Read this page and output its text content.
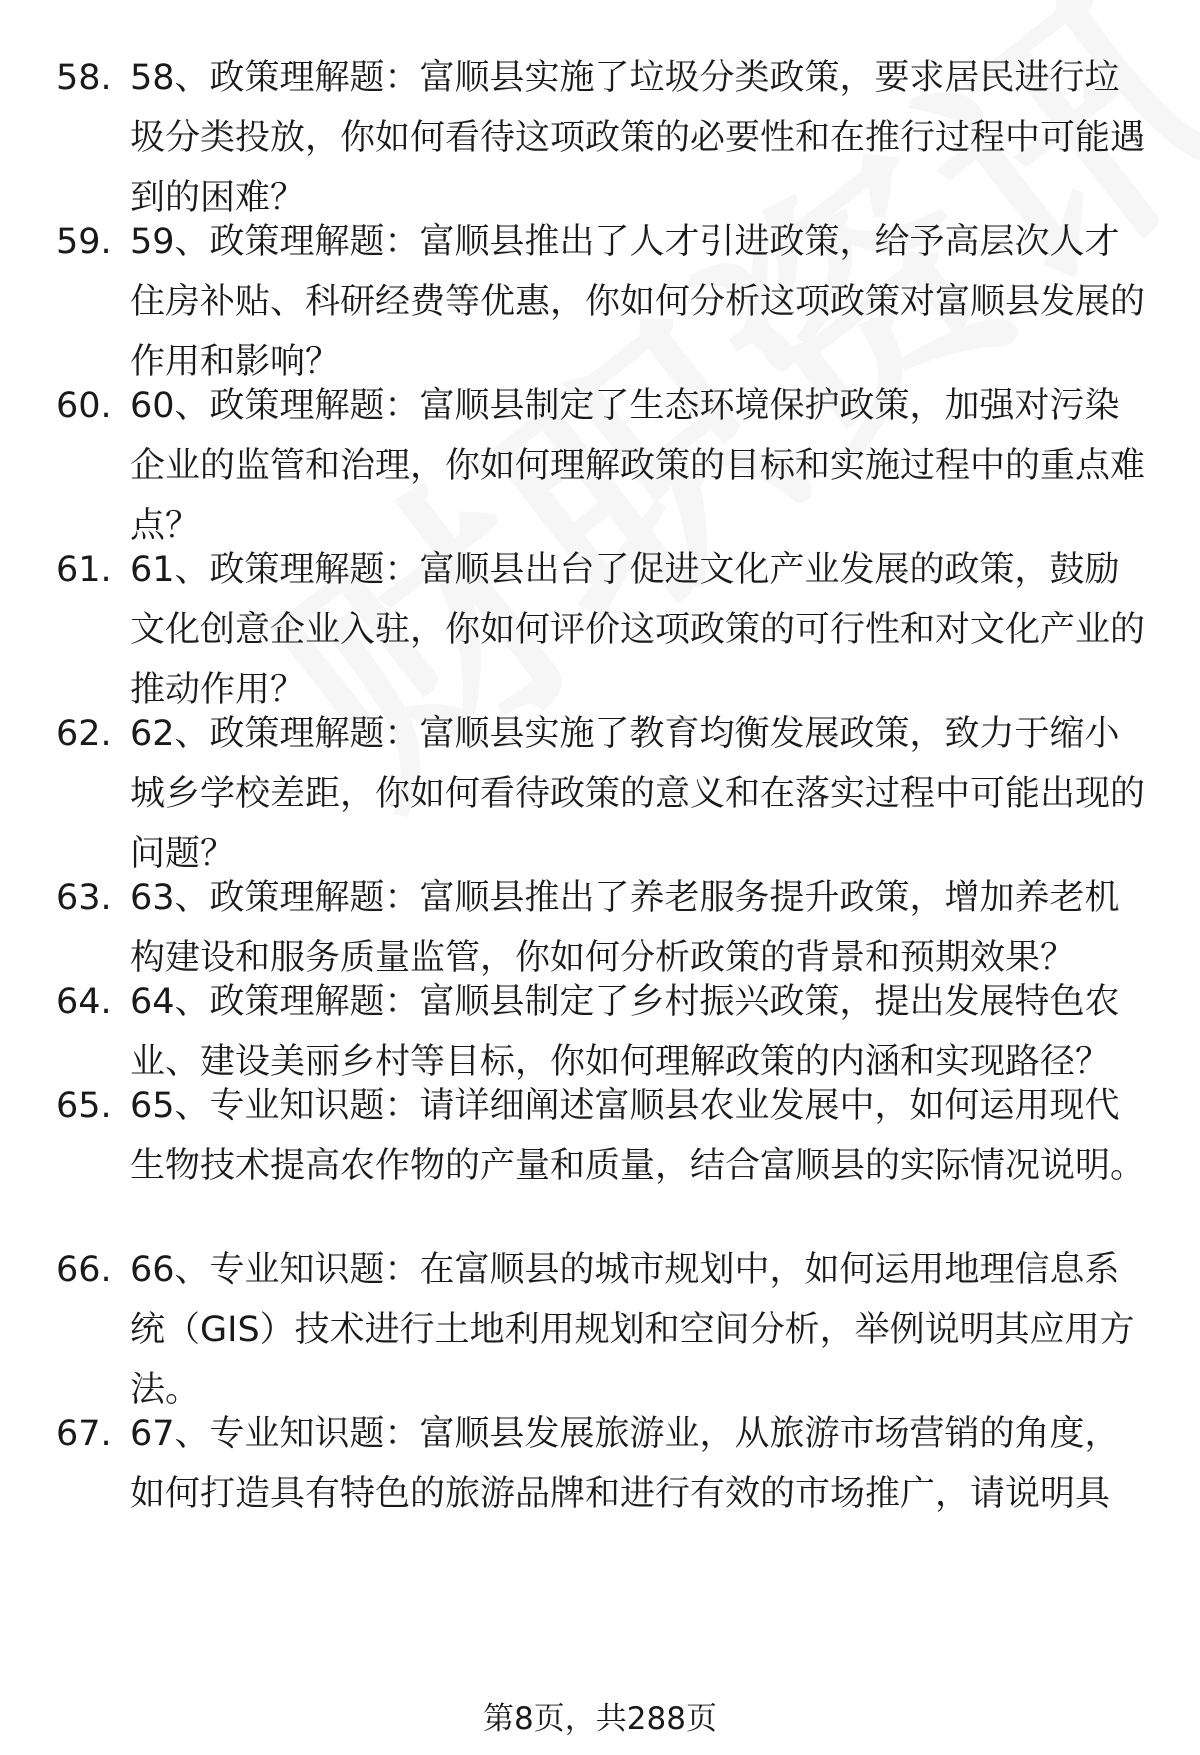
58. 58、政策理解题：富顺县实施了垃圾分类政策，要求居民进行垃圾分类投放，你如何看待这项政策的必要性和在推行过程中可能遇到的困难？
59. 59、政策理解题：富顺县推出了人才引进政策，给予高层次人才住房补贴、科研经费等优惠，你如何分析这项政策对富顺县发展的作用和影响？
60. 60、政策理解题：富顺县制定了生态环境保护政策，加强对污染企业的监管和治理，你如何理解政策的目标和实施过程中的重点难点？
61. 61、政策理解题：富顺县出台了促进文化产业发展的政策，鼓励文化创意企业入驻，你如何评价这项政策的可行性和对文化产业的推动作用？
62. 62、政策理解题：富顺县实施了教育均衡发展政策，致力于缩小城乡学校差距，你如何看待政策的意义和在落实过程中可能出现的问题？
63. 63、政策理解题：富顺县推出了养老服务提升政策，增加养老机构建设和服务质量监管，你如何分析政策的背景和预期效果？
64. 64、政策理解题：富顺县制定了乡村振兴政策，提出发展特色农业、建设美丽乡村等目标，你如何理解政策的内涵和实现路径？
65. 65、专业知识题：请详细阐述富顺县农业发展中，如何运用现代生物技术提高农作物的产量和质量，结合富顺县的实际情况说明。
66. 66、专业知识题：在富顺县的城市规划中，如何运用地理信息系统（GIS）技术进行土地利用规划和空间分析，举例说明其应用方法。
67. 67、专业知识题：富顺县发展旅游业，从旅游市场营销的角度，如何打造具有特色的旅游品牌和进行有效的市场推广，请说明具
第8页，共288页
